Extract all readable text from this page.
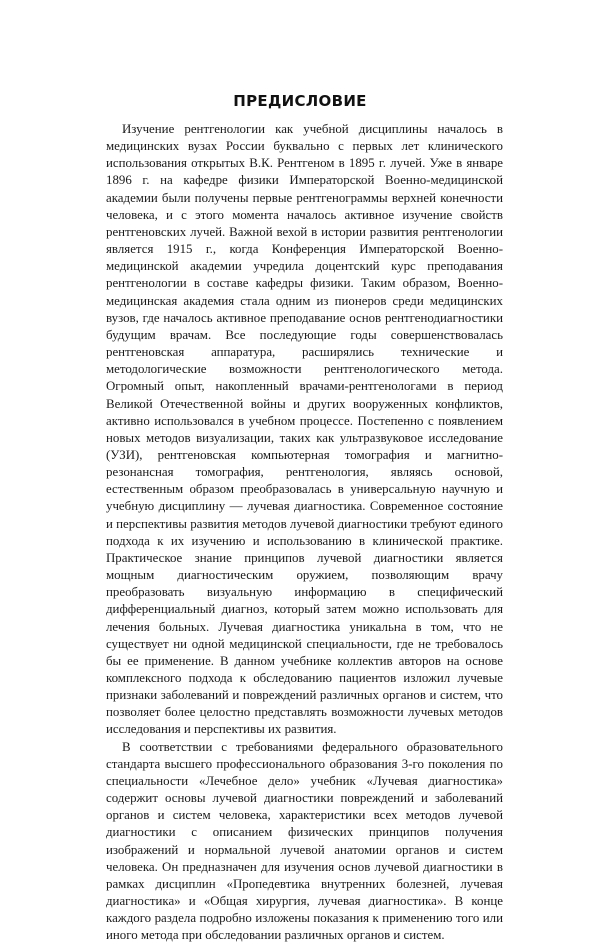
ПРЕДИСЛОВИЕ

Изучение рентгенологии как учебной дисциплины началось в медицинских вузах России буквально с первых лет клинического использования открытых В.К. Рентгеном в 1895 г. лучей. Уже в январе 1896 г. на кафедре физики Императорской Военно-медицинской академии были получены первые рентгенограммы верхней конечности человека, и с этого момента началось активное изучение свойств рентгеновских лучей. Важной вехой в истории развития рентгенологии является 1915 г., когда Конференция Императорской Военно-медицинской академии учредила доцентский курс преподавания рентгенологии в составе кафедры физики. Таким образом, Военно-медицинская академия стала одним из пионеров среди медицинских вузов, где началось активное преподавание основ рентгенодиагностики будущим врачам. Все последующие годы совершенствовалась рентгеновская аппаратура, расширялись технические и методологические возможности рентгенологического метода. Огромный опыт, накопленный врачами-рентгенологами в период Великой Отечественной войны и других вооруженных конфликтов, активно использовался в учебном процессе. Постепенно с появлением новых методов визуализации, таких как ультразвуковое исследование (УЗИ), рентгеновская компьютерная томография и магнитно-резонансная томография, рентгенология, являясь основой, естественным образом преобразовалась в универсальную научную и учебную дисциплину — лучевая диагностика. Современное состояние и перспективы развития методов лучевой диагностики требуют единого подхода к их изучению и использованию в клинической практике. Практическое знание принципов лучевой диагностики является мощным диагностическим оружием, позволяющим врачу преобразовать визуальную информацию в специфический дифференциальный диагноз, который затем можно использовать для лечения больных. Лучевая диагностика уникальна в том, что не существует ни одной медицинской специальности, где не требовалось бы ее применение. В данном учебнике коллектив авторов на основе комплексного подхода к обследованию пациентов изложил лучевые признаки заболеваний и повреждений различных органов и систем, что позволяет более целостно представлять возможности лучевых методов исследования и перспективы их развития.

В соответствии с требованиями федерального образовательного стандарта высшего профессионального образования 3-го поколения по специальности «Лечебное дело» учебник «Лучевая диагностика» содержит основы лучевой диагностики повреждений и заболеваний органов и систем человека, характеристики всех методов лучевой диагностики с описанием физических принципов получения изображений и нормальной лучевой анатомии органов и систем человека. Он предназначен для изучения основ лучевой диагностики в рамках дисциплин «Пропедевтика внутренних болезней, лучевая диагностика» и «Общая хирургия, лучевая диагностика». В конце каждого раздела подробно изложены показания к применению того или иного метода при обследовании различных органов и систем.
